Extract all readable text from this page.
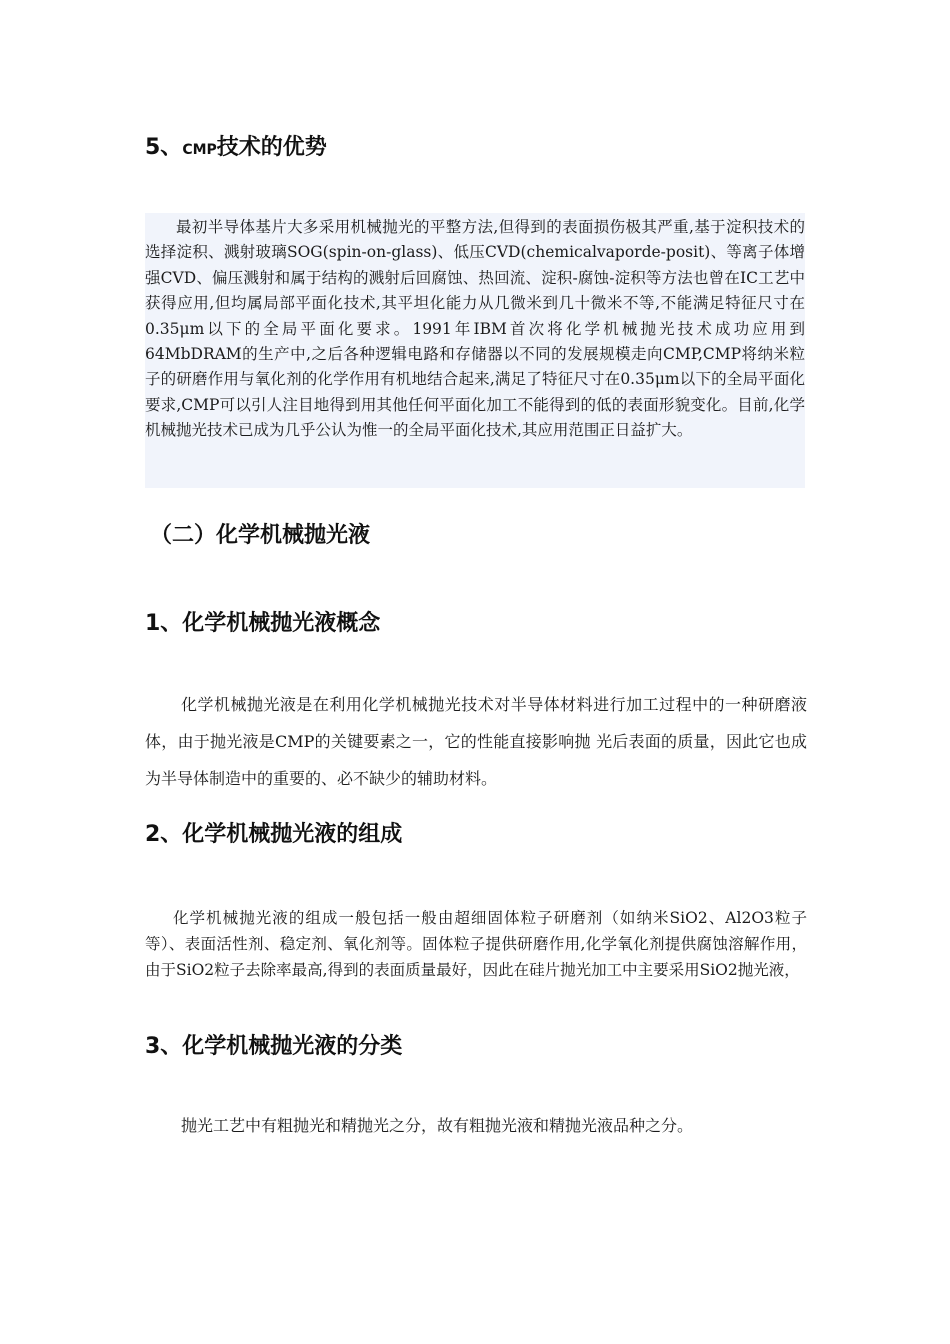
5、CMP技术的优势

最初半导体基片大多采用机械抛光的平整方法,但得到的表面损伤极其严重,基于淀积技术的选择淀积、溅射玻璃SOG(spin-on-glass)、低压CVD(chemicalvaporde-posit)、等离子体增强CVD、偏压溅射和属于结构的溅射后回腐蚀、热回流、淀积-腐蚀-淀积等方法也曾在IC工艺中获得应用,但均属局部平面化技术,其平坦化能力从几微米到几十微米不等,不能满足特征尺寸在0.35μm以下的全局平面化要求。1991年IBM首次将化学机械抛光技术成功应用到64MbDRAM的生产中,之后各种逻辑电路和存储器以不同的发展规模走向CMP,CMP将纳米粒子的研磨作用与氧化剂的化学作用有机地结合起来,满足了特征尺寸在0.35μm以下的全局平面化要求,CMP可以引人注目地得到用其他任何平面化加工不能得到的低的表面形貌变化。目前,化学机械抛光技术已成为几乎公认为惟一的全局平面化技术,其应用范围正日益扩大。

（二）化学机械抛光液
1、化学机械抛光液概念

化学机械抛光液是在利用化学机械抛光技术对半导体材料进行加工过程中的一种研磨液体，由于抛光液是CMP的关键要素之一，它的性能直接影响抛 光后表面的质量，因此它也成为半导体制造中的重要的、必不缺少的辅助材料。

2、化学机械抛光液的组成

化学机械抛光液的组成一般包括一般由超细固体粒子研磨剂（如纳米SiO2、Al2O3粒子等）、表面活性剂、稳定剂、氧化剂等。固体粒子提供研磨作用,化学氧化剂提供腐蚀溶解作用，由于SiO2粒子去除率最高,得到的表面质量最好，因此在硅片抛光加工中主要采用SiO2抛光液，

3、化学机械抛光液的分类

抛光工艺中有粗抛光和精抛光之分，故有粗抛光液和精抛光液品种之分。
